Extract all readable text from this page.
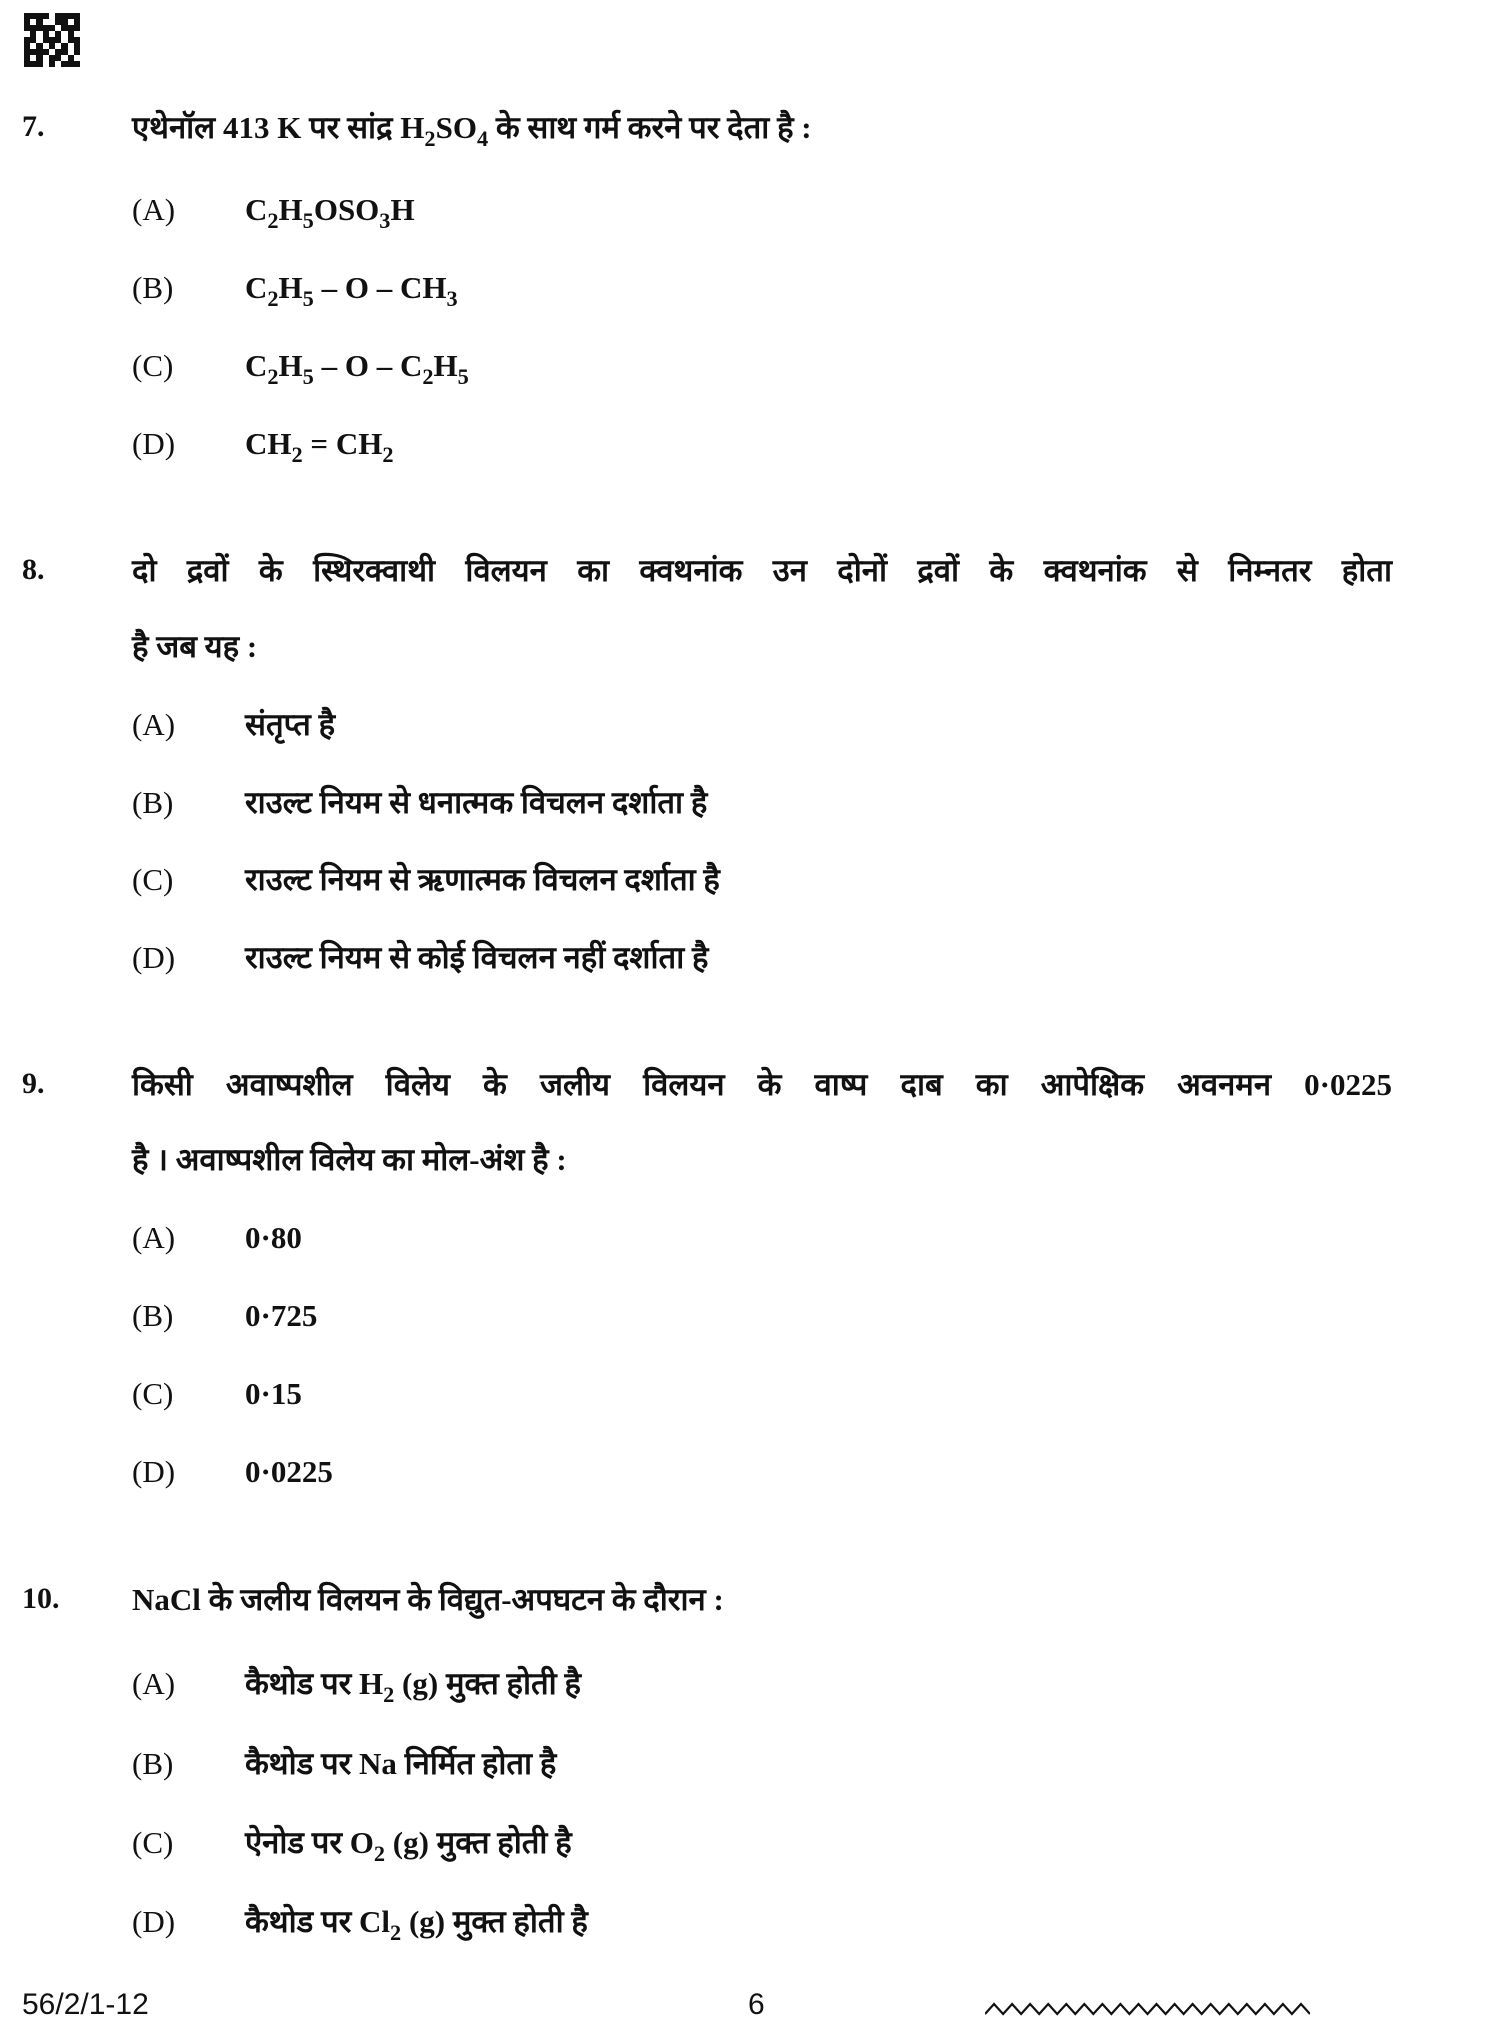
7.	एथेनॉल 413 K पर सांद्र $H_2SO_4$ के साथ गर्म करने पर देता है :
(A) $C_2H_5OSO_3H$
(B) $C_2H_5$ – O – $CH_3$
(C) $C_2H_5$ – O – $C_2H_5$
(D) $CH_2 = CH_2$
8.	दो द्रवों के स्थिरक्वाथी विलयन का क्वथनांक उन दोनों द्रवों के क्वथनांक से निम्नतर होता
है जब यह :
(A) संतृप्त है
(B) राउल्ट नियम से धनात्मक विचलन दर्शाता है
(C) राउल्ट नियम से ऋणात्मक विचलन दर्शाता है
(D) राउल्ट नियम से कोई विचलन नहीं दर्शाता है
9.	किसी अवाष्पशील विलेय के जलीय विलयन के वाष्प दाब का आपेक्षिक अवनमन 0·0225
है । अवाष्पशील विलेय का मोल-अंश है :
(A) 0·80
(B) 0·725
(C) 0·15
(D) 0·0225
10. NaCl के जलीय विलयन के विद्युत-अपघटन के दौरान :
(A) कैथोड पर $H_2$ (g) मुक्त होती है
(B) कैथोड पर Na निर्मित होता है
(C) ऐनोड पर $O_2$ (g) मुक्त होती है
(D) कैथोड पर $Cl_2$ (g) मुक्त होती है
56/2/1-12	6
